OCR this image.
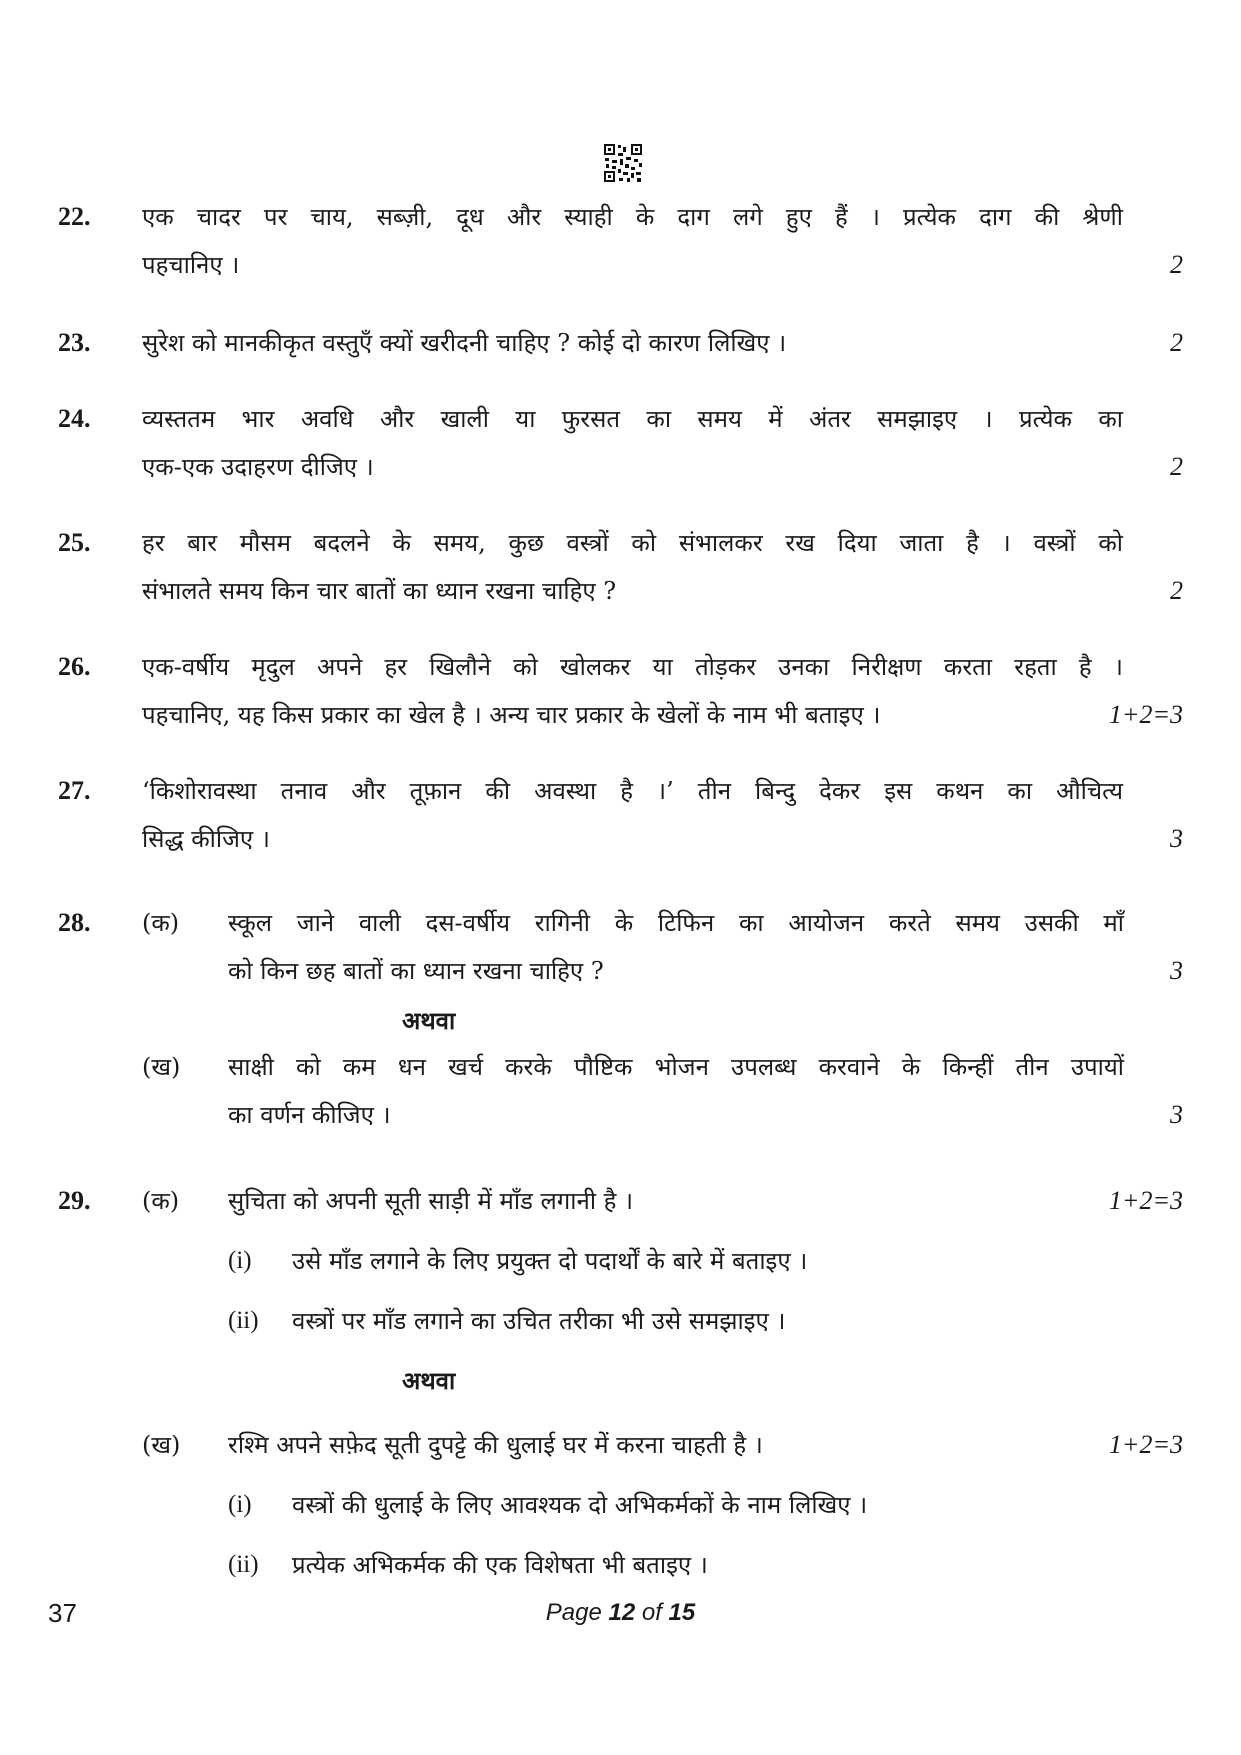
22. एक चादर पर चाय, सब्ज़ी, दूध और स्याही के दाग लगे हुए हैं । प्रत्येक दाग की श्रेणी
पहचानिए ।	2
23. सुरेश को मानकीकृत वस्तुएँ क्यों खरीदनी चाहिए ? कोई दो कारण लिखिए ।	2
24. व्यस्ततम भार अवधि और खाली या फुरसत का समय में अंतर समझाइए । प्रत्येक का
एक-एक उदाहरण दीजिए ।	2
25. हर बार मौसम बदलने के समय, कुछ वस्त्रों को संभालकर रख दिया जाता है । वस्त्रों को
संभालते समय किन चार बातों का ध्यान रखना चाहिए ?	2
26. एक-वर्षीय मृदुल अपने हर खिलौने को खोलकर या तोड़कर उनका निरीक्षण करता रहता है ।
पहचानिए, यह किस प्रकार का खेल है । अन्य चार प्रकार के खेलों के नाम भी बताइए ।	1+2=3
27. ‘किशोरावस्था तनाव और तूफ़ान की अवस्था है ।’ तीन बिन्दु देकर इस कथन का औचित्य
सिद्ध कीजिए ।	3
28. (क) स्कूल जाने वाली दस-वर्षीय रागिनी के टिफिन का आयोजन करते समय उसकी माँ
को किन छह बातों का ध्यान रखना चाहिए ?	3
अथवा
(ख) साक्षी को कम धन खर्च करके पौष्टिक भोजन उपलब्ध करवाने के किन्हीं तीन उपायों
का वर्णन कीजिए ।	3
29. (क) सुचिता को अपनी सूती साड़ी में माँड लगानी है ।	1+2=3
(i) उसे माँड लगाने के लिए प्रयुक्त दो पदार्थों के बारे में बताइए ।
(ii) वस्त्रों पर माँड लगाने का उचित तरीका भी उसे समझाइए ।
अथवा
(ख) रश्मि अपने सफ़ेद सूती दुपट्टे की धुलाई घर में करना चाहती है ।	1+2=3
(i) वस्त्रों की धुलाई के लिए आवश्यक दो अभिकर्मकों के नाम लिखिए ।
(ii) प्रत्येक अभिकर्मक की एक विशेषता भी बताइए ।
37	Page 12 of 15
